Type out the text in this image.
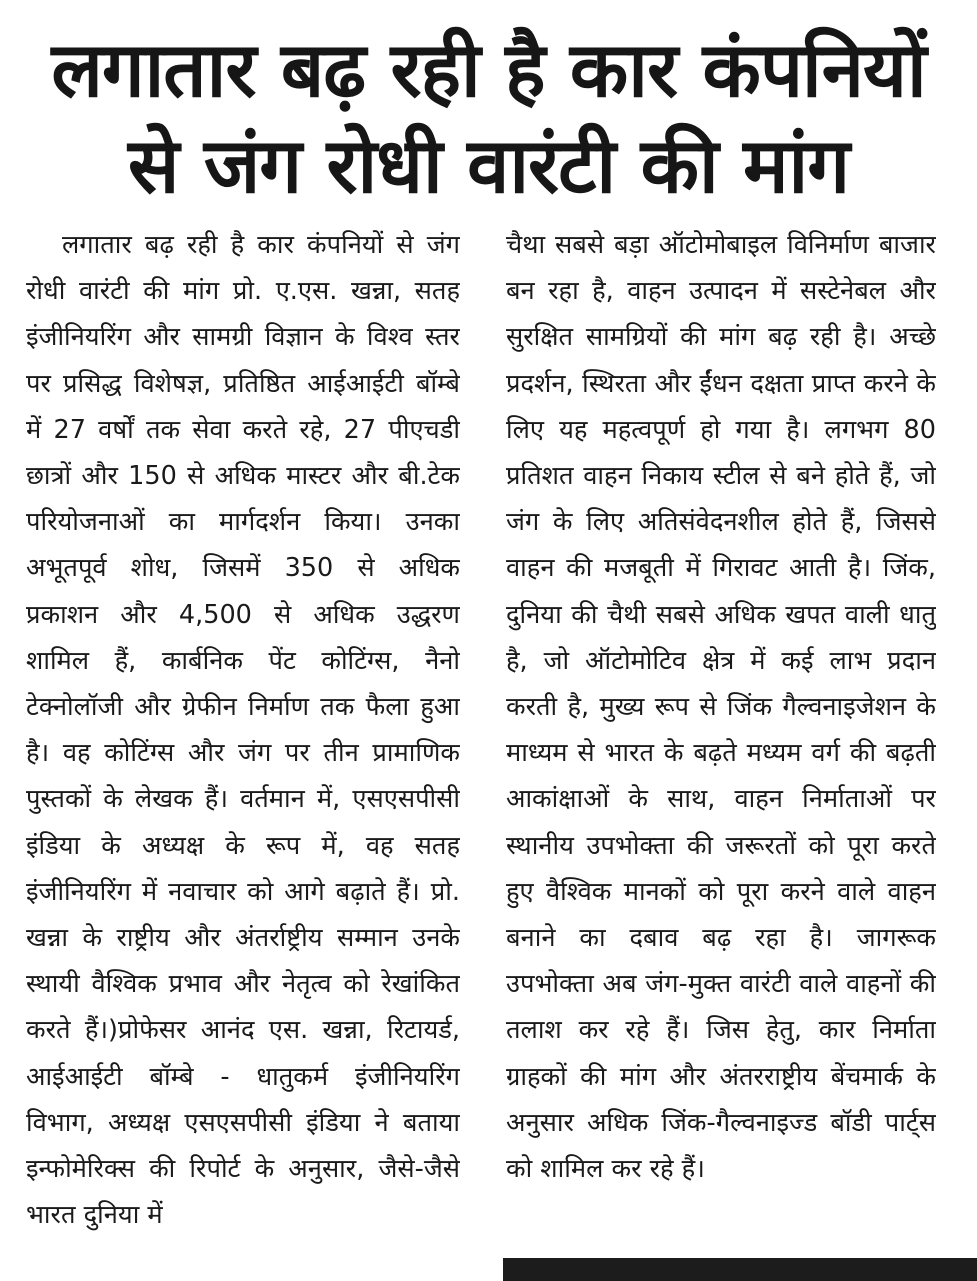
लगातार बढ़ रही है कार कंपनियों
से जंग रोधी वारंटी की मांग

लगातार बढ़ रही है कार कंपनियों से जंग रोधी वारंटी की मांग प्रो. ए.एस. खन्ना, सतह इंजीनियरिंग और सामग्री विज्ञान के विश्व स्तर पर प्रसिद्ध विशेषज्ञ, प्रतिष्ठित आईआईटी बॉम्बे में 27 वर्षों तक सेवा करते रहे, 27 पीएचडी छात्रों और 150 से अधिक मास्टर और बी.टेक परियोजनाओं का मार्गदर्शन किया। उनका अभूतपूर्व शोध, जिसमें 350 से अधिक प्रकाशन और 4,500 से अधिक उद्धरण शामिल हैं, कार्बनिक पेंट कोटिंग्स, नैनो टेक्नोलॉजी और ग्रेफीन निर्माण तक फैला हुआ है। वह कोटिंग्स और जंग पर तीन प्रामाणिक पुस्तकों के लेखक हैं। वर्तमान में, एसएसपीसी इंडिया के अध्यक्ष के रूप में, वह सतह इंजीनियरिंग में नवाचार को आगे बढ़ाते हैं। प्रो. खन्ना के राष्ट्रीय और अंतर्राष्ट्रीय सम्मान उनके स्थायी वैश्विक प्रभाव और नेतृत्व को रेखांकित करते हैं।)प्रोफेसर आनंद एस. खन्ना, रिटायर्ड, आईआईटी बॉम्बे - धातुकर्म इंजीनियरिंग विभाग, अध्यक्ष एसएसपीसी इंडिया ने बताया इन्फोमेरिक्स की रिपोर्ट के अनुसार, जैसे-जैसे भारत दुनिया में

चैथा सबसे बड़ा ऑटोमोबाइल विनिर्माण बाजार बन रहा है, वाहन उत्पादन में सस्टेनेबल और सुरक्षित सामग्रियों की मांग बढ़ रही है। अच्छे प्रदर्शन, स्थिरता और ईंधन दक्षता प्राप्त करने के लिए यह महत्वपूर्ण हो गया है। लगभग 80 प्रतिशत वाहन निकाय स्टील से बने होते हैं, जो जंग के लिए अतिसंवेदनशील होते हैं, जिससे वाहन की मजबूती में गिरावट आती है। जिंक, दुनिया की चैथी सबसे अधिक खपत वाली धातु है, जो ऑटोमोटिव क्षेत्र में कई लाभ प्रदान करती है, मुख्य रूप से जिंक गैल्वनाइजेशन के माध्यम से भारत के बढ़ते मध्यम वर्ग की बढ़ती आकांक्षाओं के साथ, वाहन निर्माताओं पर स्थानीय उपभोक्ता की जरूरतों को पूरा करते हुए वैश्विक मानकों को पूरा करने वाले वाहन बनाने का दबाव बढ़ रहा है। जागरूक उपभोक्ता अब जंग-मुक्त वारंटी वाले वाहनों की तलाश कर रहे हैं। जिस हेतु, कार निर्माता ग्राहकों की मांग और अंतरराष्ट्रीय बेंचमार्क के अनुसार अधिक जिंक-गैल्वनाइज्ड बॉडी पार्ट्स को शामिल कर रहे हैं।
